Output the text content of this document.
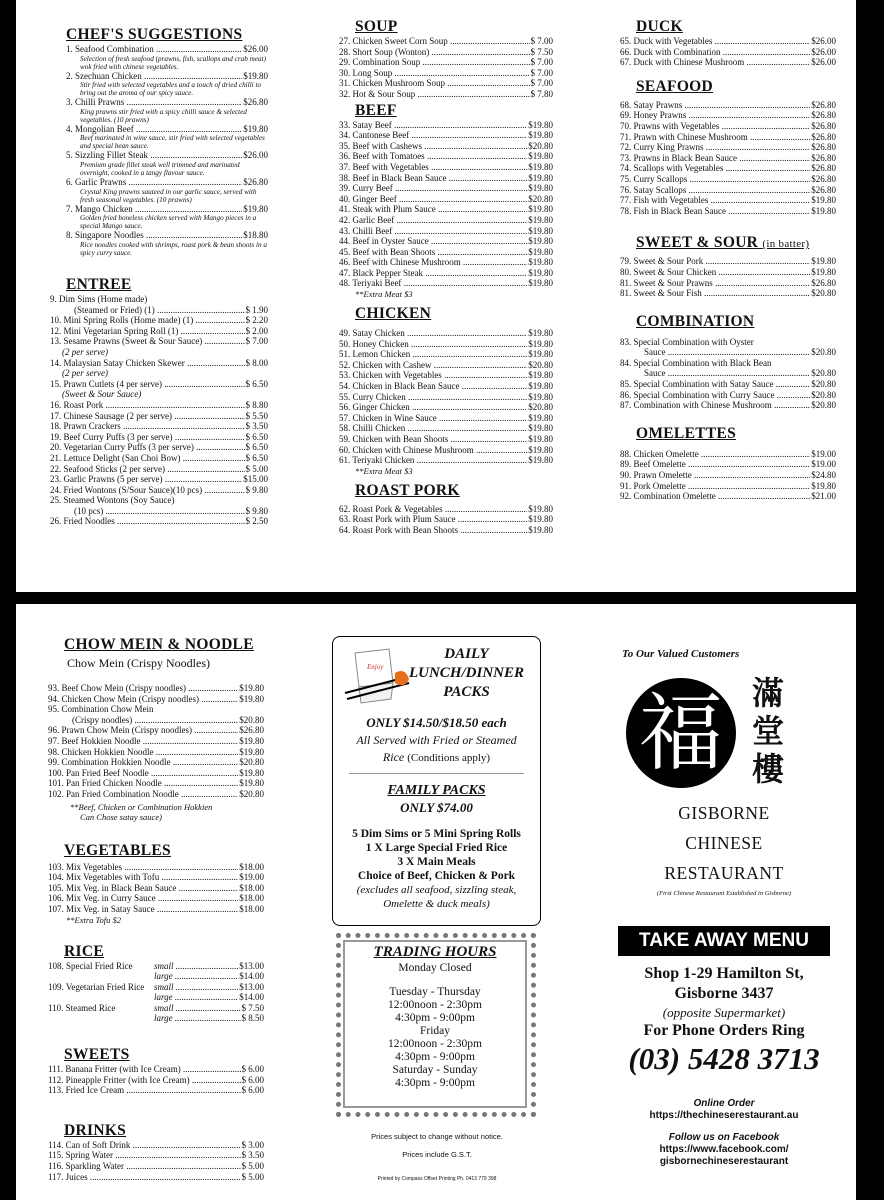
CHEF'S SUGGESTIONS
1. Seafood Combination .....	$26.00
Selection of fresh seafood (prawns, fish, scallops and crab meat) wok fried with chinese vegetables.
2. Szechuan Chicken .....	$19.80
Stir fried with selected vegetables and a touch of dried chilli to bring out the aroma of our spicy sauce.
3. Chilli Prawns .....	$26.80
King prawns stir fried with a spicy chilli sauce & selected vegetables. (10 prawns)
4. Mongolian Beef .....	$19.80
Beef marinated in wine sauce, stir fried with selected vegetables and special bean sauce.
5. Sizzling Fillet Steak .....	$26.00
Premium grade fillet steak well trimmed and marinated overnight, cooked in a tangy flavour sauce.
6. Garlic Prawns .....	$26.80
Crystal King prawns sauteed in our garlic sauce, served with fresh seasonal vegetables. (10 prawns)
7. Mango Chicken .....	$19.80
Golden fried boneless chicken served with Mango pieces in a special Mango sauce.
8. Singapore Noodles .....	$18.80
Rice noodles cooked with shrimps, roast pork & bean shoots in a spicy curry sauce.
ENTREE
9. Dim Sims (Home made)
(Steamed or Fried) (1) .....	$ 1.90
10. Mini Spring Rolls (Home made) (1) .....	$ 2.20
12. Mini Vegetarian Spring Roll (1) .....	$ 2.00
13. Sesame Prawns (Sweet & Sour Sauce) .....	$ 7.00
(2 per serve)
14. Malaysian Satay Chicken Skewer .....	$ 8.00
(2 per serve)
15. Prawn Cutlets (4 per serve) .....	$ 6.50
(Sweet & Sour Sauce)
16. Roast Pork .....	$ 8.80
17. Chinese Sausage (2 per serve) .....	$ 5.50
18. Prawn Crackers .....	$ 3.50
19. Beef Curry Puffs (3 per serve) .....	$ 6.50
20. Vegetarian Curry Puffs (3 per serve) .....	$ 6.50
21. Lettuce Delight (San Choi Bow) .....	$ 6.50
22. Seafood Sticks (2 per serve) .....	$ 5.00
23. Garlic Prawns (5 per serve) .....	$15.00
24. Fried Wontons (S/Sour Sauce)(10 pcs) .....	$ 9.80
25. Steamed Wontons (Soy Sauce)
(10 pcs) .....	$ 9.80
26. Fried Noodles .....	$ 2.50
SOUP
27. Chicken Sweet Corn Soup .....	$ 7.00
28. Short Soup (Wonton) .....	$ 7.50
29. Combination Soup .....	$ 7.00
30. Long Soup .....	$ 7.00
31. Chicken Mushroom Soup .....	$ 7.00
32. Hot & Sour Soup .....	$ 7.80
BEEF
33. Satay Beef .....	$19.80
34. Cantonese Beef .....	$19.80
35. Beef with Cashews .....	$20.80
36. Beef with Tomatoes .....	$19.80
37. Beef with Vegetables .....	$19.80
38. Beef in Black Bean Sauce .....	$19.80
39. Curry Beef .....	$19.80
40. Ginger Beef .....	$20.80
41. Steak with Plum Sauce .....	$19.80
42. Garlic Beef .....	$19.80
43. Chilli Beef .....	$19.80
44. Beef in Oyster Sauce .....	$19.80
45. Beef with Bean Shoots .....	$19.80
46. Beef with Chinese Mushroom .....	$19.80
47. Black Pepper Steak .....	$19.80
48. Teriyaki Beef .....	$19.80
**Extra Meat $3
CHICKEN
49. Satay Chicken .....	$19.80
50. Honey Chicken .....	$19.80
51. Lemon Chicken .....	$19.80
52. Chicken with Cashew .....	$20.80
53. Chicken with Vegetables .....	$19.80
54. Chicken in Black Bean Sauce .....	$19.80
55. Curry Chicken .....	$19.80
56. Ginger Chicken .....	$20.80
57. Chicken in Wine Sauce .....	$19.80
58. Chilli Chicken .....	$19.80
59. Chicken with Bean Shoots .....	$19.80
60. Chicken with Chinese Mushroom .....	$19.80
61. Teriyaki Chicken .....	$19.80
**Extra Meat $3
ROAST PORK
62. Roast Pork & Vegetables .....	$19.80
63. Roast Pork with Plum Sauce .....	$19.80
64. Roast Pork with Bean Shoots .....	$19.80
DUCK
65. Duck with Vegetables .....	$26.00
66. Duck with Combination .....	$26.00
67. Duck with Chinese Mushroom .....	$26.00
SEAFOOD
68. Satay Prawns .....	$26.80
69. Honey Prawns .....	$26.80
70. Prawns with Vegetables .....	$26.80
71. Prawn with Chinese Mushroom .....	$26.80
72. Curry King Prawns .....	$26.80
73. Prawns in Black Bean Sauce .....	$26.80
74. Scallops with Vegetables .....	$26.80
75. Curry Scallops .....	$26.80
76. Satay Scallops .....	$26.80
77. Fish with Vegetables .....	$19.80
78. Fish in Black Bean Sauce .....	$19.80
SWEET & SOUR (in batter)
79. Sweet & Sour Pork .....	$19.80
80. Sweet & Sour Chicken .....	$19.80
81. Sweet & Sour Prawns .....	$26.80
81. Sweet & Sour Fish .....	$20.80
COMBINATION
83. Special Combination with Oyster
Sauce .....	$20.80
84. Special Combination with Black Bean
Sauce .....	$20.80
85. Special Combination with Satay Sauce .....	$20.80
86. Special Combination with Curry Sauce .....	$20.80
87. Combination with Chinese Mushroom .....	$20.80
OMELETTES
88. Chicken Omelette .....	$19.00
89. Beef Omelette .....	$19.00
90. Prawn Omelette .....	$24.80
91. Pork Omelette .....	$19.80
92. Combination Omelette .....	$21.00
CHOW MEIN & NOODLE
Chow Mein (Crispy Noodles)
93. Beef Chow Mein (Crispy noodles) .....	$19.80
94. Chicken Chow Mein (Crispy noodles) .....	$19.80
95. Combination Chow Mein
(Crispy noodles) .....	$20.80
96. Prawn Chow Mein (Crispy noodles) .....	$26.80
97. Beef Hokkien Noodle .....	$19.80
98. Chicken Hokkien Noodle .....	$19.80
99. Combination Hokkien Noodle .....	$20.80
100. Pan Fried Beef Noodle .....	$19.80
101. Pan Fried Chicken Noodle .....	$19.80
102. Pan Fried Combination Noodle .....	$20.80
**Beef, Chicken or Combination Hokkien
Can Chose satay sauce)
VEGETABLES
103. Mix Vegetables .....	$18.00
104. Mix Vegetables with Tofu .....	$19.00
105. Mix Veg. in Black Bean Sauce .....	$18.00
106. Mix Veg. in Curry Sauce .....	$18.00
107. Mix Veg. in Satay Sauce .....	$18.00
**Extra Tofu $2
RICE
108. Special Fried Rice	small .....	$13.00
large .....	$14.00
109. Vegetarian Fried Rice	small .....	$13.00
large .....	$14.00
110. Steamed Rice	small .....	$ 7.50
large .....	$ 8.50
SWEETS
111. Banana Fritter (with Ice Cream) .....	$ 6.00
112. Pineapple Fritter (with Ice Cream) .....	$ 6.00
113. Fried Ice Cream .....	$ 6.00
DRINKS
114. Can of Soft Drink .....	$ 3.00
115. Spring Water .....	$ 3.50
116. Sparkling Water .....	$ 5.00
117. Juices .....	$ 5.00
Enjoy
DAILY
LUNCH/DINNER
PACKS
ONLY $14.50/$18.50 each
All Served with Fried or Steamed
Rice (Conditions apply)
FAMILY PACKS
ONLY $74.00
5 Dim Sims or 5 Mini Spring Rolls
1 X Large Special Fried Rice
3 X Main Meals
Choice of Beef, Chicken & Pork
(excludes all seafood, sizzling steak,
Omelette & duck meals)
TRADING HOURS
Monday Closed
Tuesday - Thursday
12:00noon - 2:30pm
4:30pm - 9:00pm
Friday
12:00noon - 2:30pm
4:30pm - 9:00pm
Saturday - Sunday
4:30pm - 9:00pm
Prices subject to change without notice.
Prices include G.S.T.
Printed by Compass Offset Printing Ph. 0413 779 398
To Our Valued Customers
福 滿
堂
樓
GISBORNE
CHINESE
RESTAURANT
(First Chinese Restaurant Established in Gisborne)
TAKE AWAY MENU
Shop 1-29 Hamilton St,
Gisborne 3437
(opposite Supermarket)
For Phone Orders Ring
(03) 5428 3713
Online Order
https://thechineserestaurant.au
Follow us on Facebook
https://www.facebook.com/
gisbornechineserestaurant
